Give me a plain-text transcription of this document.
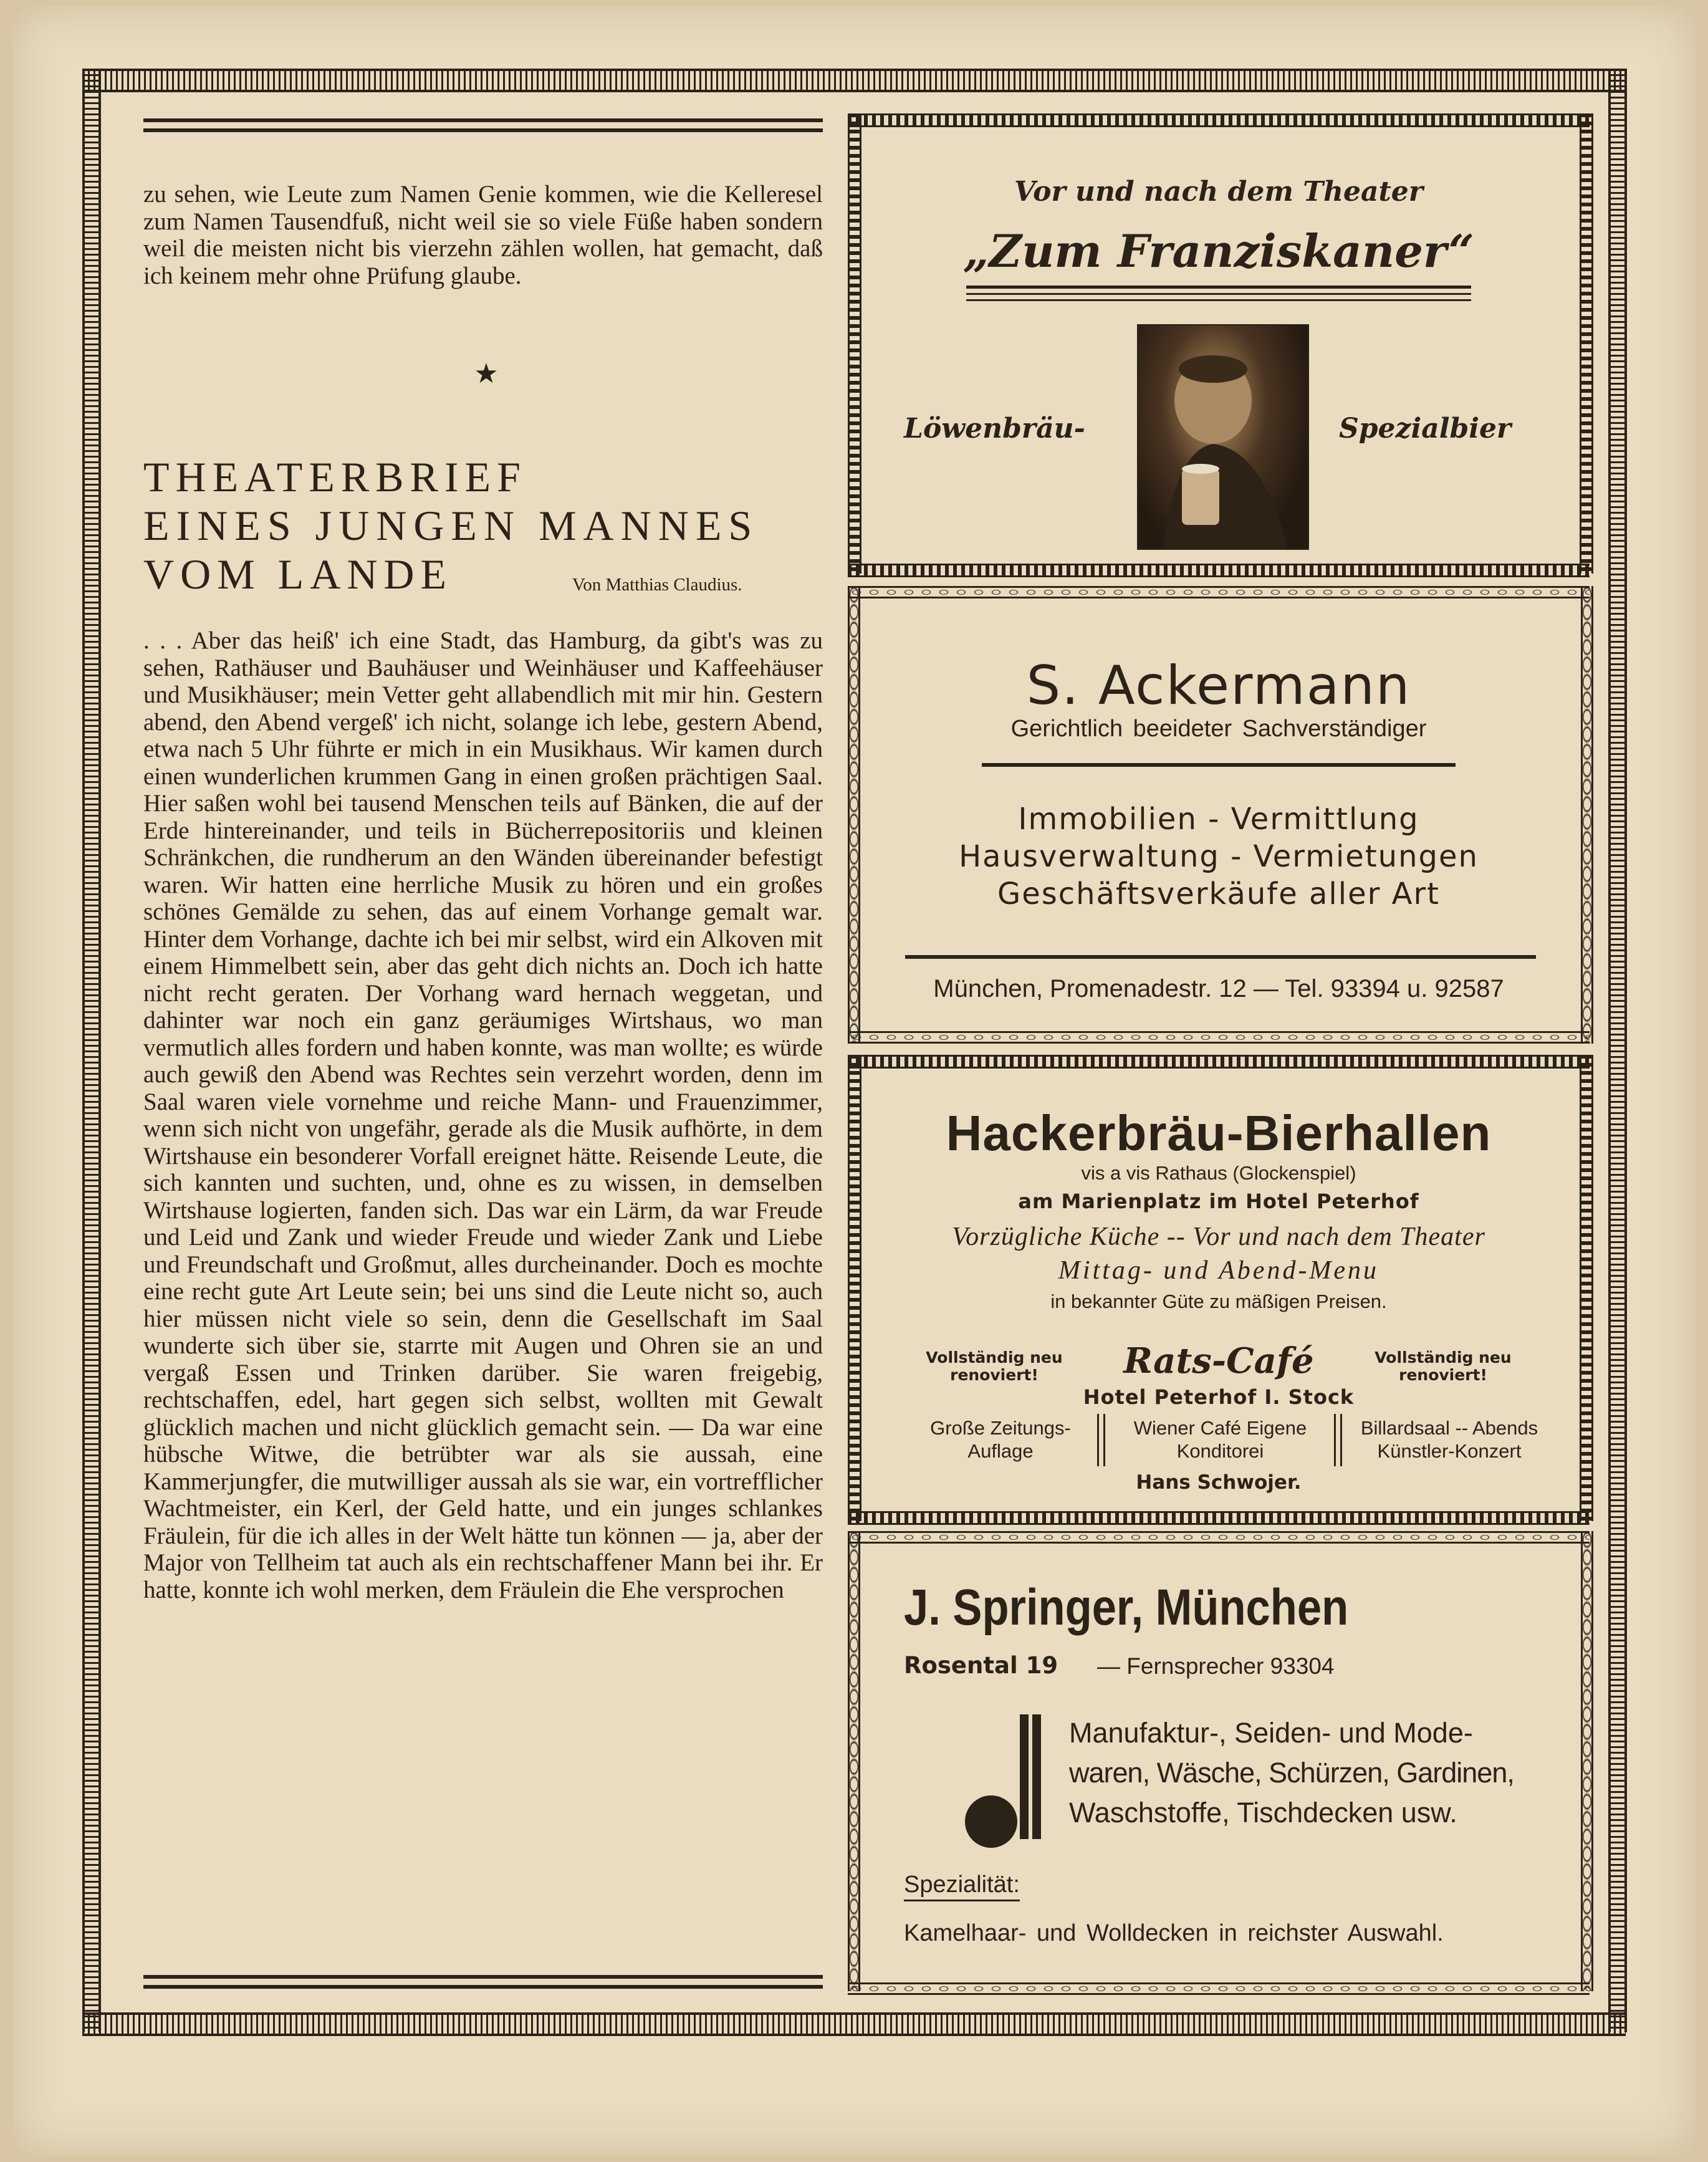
zu sehen, wie Leute zum Namen Genie kommen, wie die Kelleresel zum Namen Tausendfuß, nicht weil sie so viele Füße haben sondern weil die meisten nicht bis vierzehn zählen wollen, hat gemacht, daß ich keinem mehr ohne Prüfung glaube.

★
THEATERBRIEF
EINES JUNGEN MANNES
VOM LANDE	Von Matthias Claudius.

. . . Aber das heiß' ich eine Stadt, das Hamburg, da gibt's was zu sehen, Rathäuser und Bauhäuser und Weinhäuser und Kaffeehäuser und Musikhäuser; mein Vetter geht allabendlich mit mir hin. Gestern abend, den Abend vergeß' ich nicht, solange ich lebe, gestern Abend, etwa nach 5 Uhr führte er mich in ein Musikhaus. Wir kamen durch einen wunderlichen krummen Gang in einen großen prächtigen Saal. Hier saßen wohl bei tausend Menschen teils auf Bänken, die auf der Erde hintereinander, und teils in Bücherrepositoriis und kleinen Schränkchen, die rundherum an den Wänden übereinander befestigt waren. Wir hatten eine herrliche Musik zu hören und ein großes schönes Gemälde zu sehen, das auf einem Vorhange gemalt war. Hinter dem Vorhange, dachte ich bei mir selbst, wird ein Alkoven mit einem Himmelbett sein, aber das geht dich nichts an. Doch ich hatte nicht recht geraten. Der Vorhang ward hernach weggetan, und dahinter war noch ein ganz geräumiges Wirtshaus, wo man vermutlich alles fordern und haben konnte, was man wollte; es würde auch gewiß den Abend was Rechtes sein verzehrt worden, denn im Saal waren viele vornehme und reiche Mann- und Frauenzimmer, wenn sich nicht von ungefähr, gerade als die Musik aufhörte, in dem Wirtshause ein besonderer Vorfall ereignet hätte. Reisende Leute, die sich kannten und suchten, und, ohne es zu wissen, in demselben Wirtshause logierten, fanden sich. Das war ein Lärm, da war Freude und Leid und Zank und wieder Freude und wieder Zank und Liebe und Freundschaft und Großmut, alles durcheinander. Doch es mochte eine recht gute Art Leute sein; bei uns sind die Leute nicht so, auch hier müssen nicht viele so sein, denn die Gesellschaft im Saal wunderte sich über sie, starrte mit Augen und Ohren sie an und vergaß Essen und Trinken darüber. Sie waren freigebig, rechtschaffen, edel, hart gegen sich selbst, wollten mit Gewalt glücklich machen und nicht glücklich gemacht sein. — Da war eine hübsche Witwe, die betrübter war als sie aussah, eine Kammerjungfer, die mutwilliger aussah als sie war, ein vortrefflicher Wachtmeister, ein Kerl, der Geld hatte, und ein junges schlankes Fräulein, für die ich alles in der Welt hätte tun können — ja, aber der Major von Tellheim tat auch als ein rechtschaffener Mann bei ihr. Er hatte, konnte ich wohl merken, dem Fräulein die Ehe versprochen

Vor und nach dem Theater
„Zum Franziskaner“
Löwenbräu-	Spezialbier
S. Ackermann
Gerichtlich beeideter Sachverständiger
Immobilien - Vermittlung
Hausverwaltung - Vermietungen
Geschäftsverkäufe aller Art
München, Promenadestr. 12 — Tel. 93394 u. 92587
Hackerbräu-Bierhallen
vis a vis Rathaus (Glockenspiel)
am Marienplatz im Hotel Peterhof
Vorzügliche Küche -- Vor und nach dem Theater
Mittag- und Abend-Menu
in bekannter Güte zu mäßigen Preisen.
Vollständig neu renoviert!	Rats-Café	Vollständig neu renoviert!
Hotel Peterhof I. Stock
Große Zeitungs-Auflage
Wiener Café Eigene Konditorei
Billardsaal -- Abends Künstler-Konzert
Hans Schwojer.
J. Springer, München
Rosental 19 — Fernsprecher 93304
Manufaktur-, Seiden- und Mode-
waren, Wäsche, Schürzen, Gardinen,
Waschstoffe, Tischdecken usw.
Spezialität:
Kamelhaar- und Wolldecken in reichster Auswahl.
